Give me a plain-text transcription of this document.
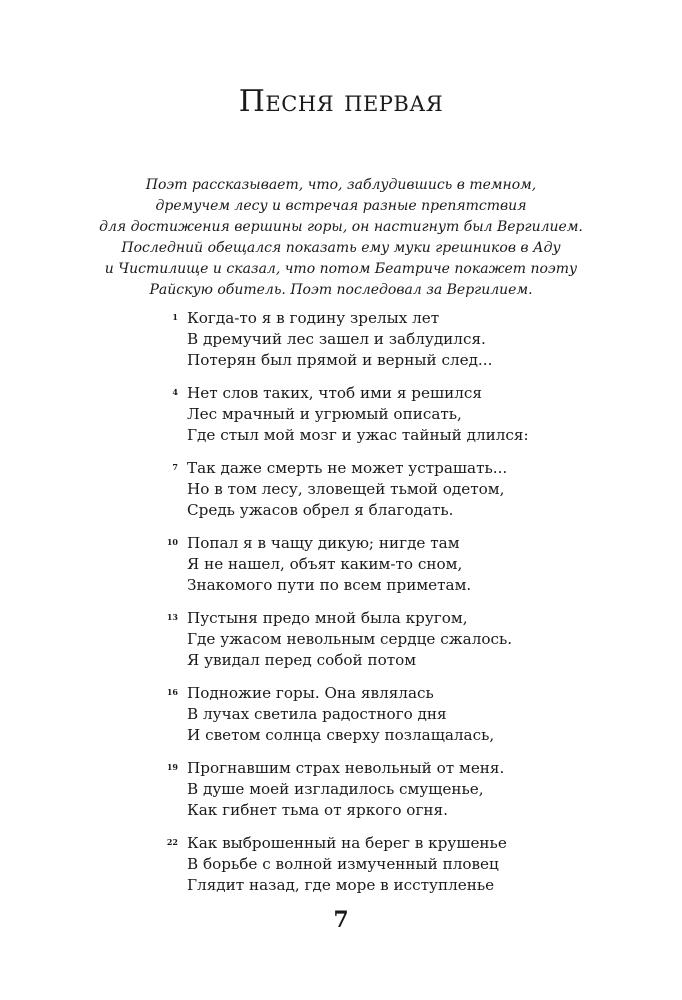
Песня первая
Поэт рассказывает, что, заблудившись в темном,
дремучем лесу и встречая разные препятствия
для достижения вершины горы, он настигнут был Вергилием.
Последний обещался показать ему муки грешников в Аду
и Чистилище и сказал, что потом Беатриче покажет поэту
Райскую обитель. Поэт последовал за Вергилием.
1 Когда-то я в годину зрелых лет
В дремучий лес зашел и заблудился.
Потерян был прямой и верный след...
4 Нет слов таких, чтоб ими я решился
Лес мрачный и угрюмый описать,
Где стыл мой мозг и ужас тайный длился:
7 Так даже смерть не может устрашать...
Но в том лесу, зловещей тьмой одетом,
Средь ужасов обрел я благодать.
10 Попал я в чащу дикую; нигде там
Я не нашел, объят каким-то сном,
Знакомого пути по всем приметам.
13 Пустыня предо мной была кругом,
Где ужасом невольным сердце сжалось.
Я увидал перед собой потом
16 Подножие горы. Она являлась
В лучах светила радостного дня
И светом солнца сверху позлащалась,
19 Прогнавшим страх невольный от меня.
В душе моей изгладилось смущенье,
Как гибнет тьма от яркого огня.
22 Как выброшенный на берег в крушенье
В борьбе с волной измученный пловец
Глядит назад, где море в исступленье
7
